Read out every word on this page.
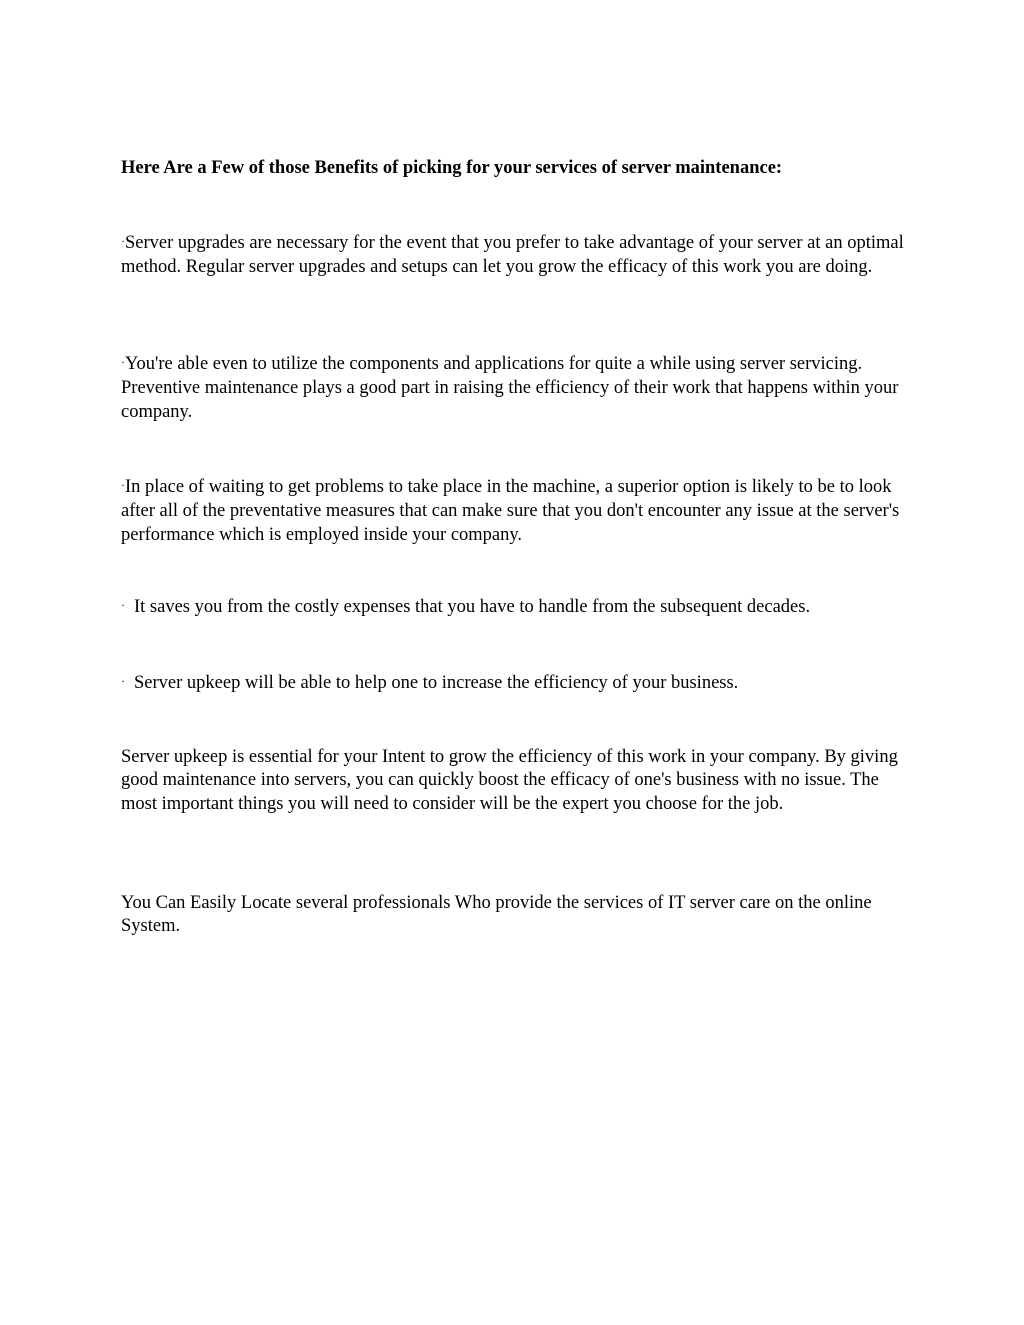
Here Are a Few of those Benefits of picking for your services of server maintenance:

·Server upgrades are necessary for the event that you prefer to take advantage of your server at an optimal method. Regular server upgrades and setups can let you grow the efficacy of this work you are doing.

·You're able even to utilize the components and applications for quite a while using server servicing. Preventive maintenance plays a good part in raising the efficiency of their work that happens within your company.

·In place of waiting to get problems to take place in the machine, a superior option is likely to be to look after all of the preventative measures that can make sure that you don't encounter any issue at the server's performance which is employed inside your company.

· It saves you from the costly expenses that you have to handle from the subsequent decades.

· Server upkeep will be able to help one to increase the efficiency of your business.

Server upkeep is essential for your Intent to grow the efficiency of this work in your company. By giving good maintenance into servers, you can quickly boost the efficacy of one's business with no issue. The most important things you will need to consider will be the expert you choose for the job.

You Can Easily Locate several professionals Who provide the services of IT server care on the online System.
